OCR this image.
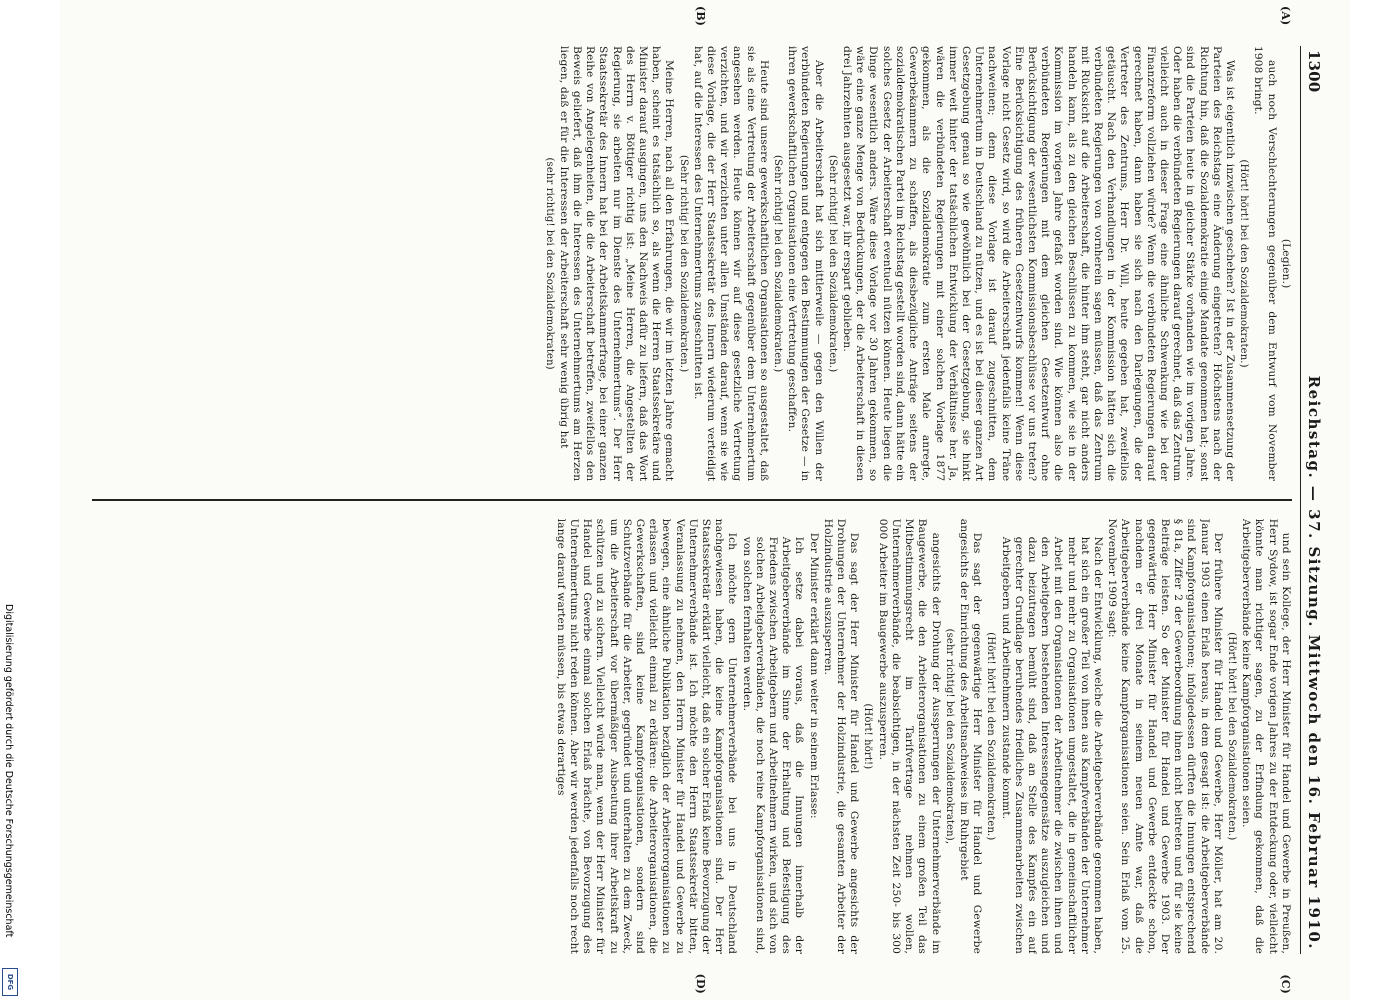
Digitalisierung gefördert durch die Deutsche Forschungsgemeinschaft
DFG
1300
Reichstag. — 37. Sitzung. Mittwoch den 16. Februar 1910.

(Legien.)

auch noch Verschlechterungen gegenüber dem Entwurf vom November 1908 bringt.

(Hört! hört! bei den Sozialdemokraten.)

Was ist eigentlich inzwischen geschehen? Ist in der Zusammensetzung der Parteien des Reichstags eine Änderung eingetreten? Höchstens nach der Richtung hin, daß die Sozialdemokratie einige Mandate genommen hat; sonst sind die Parteien heute in gleicher Stärke vorhanden wie im vorigen Jahre. Oder haben die verbündeten Regierungen darauf gerechnet, daß das Zentrum vielleicht auch in dieser Frage eine ähnliche Schwenkung wie bei der Finanzreform vollziehen würde? Wenn die verbündeten Regierungen darauf gerechnet haben, dann haben sie sich nach den Darlegungen, die der Vertreter des Zentrums, Herr Dr. Will, heute gegeben hat, zweifellos getäuscht. Nach den Verhandlungen in der Kommission hätten sich die verbündeten Regierungen von vornherein sagen müssen, daß das Zentrum mit Rücksicht auf die Arbeiterschaft, die hinter ihm steht, gar nicht anders handeln kann, als zu den gleichen Beschlüssen zu kommen, wie sie in der Kommission im vorigen Jahre gefaßt worden sind. Wie können also die verbündeten Regierungen mit dem gleichen Gesetzentwurf ohne Berücksichtigung der wesentlichsten Kommissionsbeschlüsse vor uns treten? Eine Berücksichtigung des früheren Gesetzentwurfs kommen! Wenn diese Vorlage nicht Gesetz wird, so wird die Arbeiterschaft jedenfalls keine Träne nachweinen; denn diese Vorlage ist darauf zugeschnitten, dem Unternehmertum in Deutschland zu nützen, und es ist bei dieser ganzen Art Gesetzgebung genau so wie gewöhnlich bei der Gesetzgebung, sie hinkt immer weit hinter der tatsächlichen Entwicklung der Verhältnisse her. Ja, wären die verbündeten Regierungen mit einer solchen Vorlage 1877 gekommen, als die Sozialdemokratie zum ersten Male anregte, Gewerbekammern zu schaffen, als diesbezügliche Anträge seitens der sozialdemokratischen Partei im Reichstag gestellt worden sind, dann hätte ein solches Gesetz der Arbeiterschaft eventuell nützen können. Heute liegen die Dinge wesentlich anders. Wäre diese Vorlage vor 30 Jahren gekommen, so wäre eine ganze Menge von Bedrückungen, der die Arbeiterschaft in diesen drei Jahrzehnten ausgesetzt war, ihr erspart geblieben.

(Sehr richtig! bei den Sozialdemokraten.)

Aber die Arbeiterschaft hat sich mittlerweile — gegen den Willen der verbündeten Regierungen und entgegen den Bestimmungen der Gesetze — in ihren gewerkschaftlichen Organisationen eine Vertretung geschaffen.

(Sehr richtig! bei den Sozialdemokraten.)

Heute sind unsere gewerkschaftlichen Organisationen so ausgestaltet, daß sie als eine Vertretung der Arbeiterschaft gegenüber dem Unternehmertum angesehen werden. Heute können wir auf diese gesetzliche Vertretung verzichten, und wir verzichten unter allen Umständen darauf, wenn sie wie diese Vorlage, die der Herr Staatssekretär des Innern wiederum verteidigt hat, auf die Interessen des Unternehmertums zugeschnitten ist.

(Sehr richtig! bei den Sozialdemokraten.)

Meine Herren, nach all den Erfahrungen, die wir im letzten Jahre gemacht haben, scheint es tatsächlich so, als wenn die Herren Staatssekretäre und Minister darauf ausgingen, uns den Nachweis dafür zu liefern, daß das Wort des Herrn v. Böttiger richtig ist: „Meine Herren, die Angestellten der Regierung, sie arbeiten nur im Dienste des Unternehmertums“. Der Herr Staatssekretär des Innern hat bei der Arbeitskammerfrage, bei einer ganzen Reihe von Angelegenheiten, die die Arbeiterschaft betreffen, zweifellos den Beweis geliefert, daß ihm die Interessen des Unternehmertums am Herzen liegen, daß er für die Interessen der Arbeiterschaft sehr wenig übrig hat

(sehr richtig! bei den Sozialdemokraten)

und sein Kollege, der Herr Minister für Handel und Gewerbe in Preußen, Herr Sydow, ist sogar Ende vorigen Jahres zu der Entdeckung oder, vielleicht könnte man richtiger sagen, zu der Erfindung gekommen, daß die Arbeitgeberverbände keine Kampforganisationen seien.

(Hört! hört! bei den Sozialdemokraten.)

Der frühere Minister für Handel und Gewerbe, Herr Möller, hat am 20. Januar 1903 einen Erlaß heraus, in dem gesagt ist: die Arbeitgeberverbände sind Kampforganisationen; infolgedessen dürften die Innungen entsprechend § 81a, Ziffer 2 der Gewerbeordnung ihnen nicht beitreten und für sie keine Beiträge leisten. So der Minister für Handel und Gewerbe 1903. Der gegenwärtige Herr Minister für Handel und Gewerbe entdeckte schon, nachdem er drei Monate in seinem neuen Amte war, daß die Arbeitgeberverbände keine Kampforganisationen seien. Sein Erlaß vom 25. November 1909 sagt:

Nach der Entwicklung, welche die Arbeitgeberverbände genommen haben, hat sich ein großer Teil von ihnen aus Kampfverbänden der Unternehmer mehr und mehr zu Organisationen umgestaltet, die in gemeinschaftlicher Arbeit mit den Organisationen der Arbeitnehmer die zwischen ihnen und den Arbeitgebern bestehenden Interessengegensätze auszugleichen und dazu beizutragen bemüht sind, daß an Stelle des Kampfes ein auf gerechter Grundlage beruhendes friedliches Zusammenarbeiten zwischen Arbeitgebern und Arbeitnehmern zustande kommt.

(Hört! hört! bei den Sozialdemokraten.)

Das sagt der gegenwärtige Herr Minister für Handel und Gewerbe angesichts der Einrichtung des Arbeitsnachweises im Ruhrgebiet

(sehr richtig! bei den Sozialdemokraten),

angesichts der Drohung der Aussperrungen der Unternehmerverbände im Baugewerbe, die den Arbeiterorganisationen zu einem großen Teil das Mitbestimmungsrecht im Tarifvertrage nehmen wollen, Unternehmerverbände, die beabsichtigen, in der nächsten Zeit 250- bis 300 000 Arbeiter im Baugewerbe auszusperren.

(Hört! hört!)

Das sagt der Herr Minister für Handel und Gewerbe angesichts der Drohungen der Unternehmer der Holzindustrie, die gesamten Arbeiter der Holzindustrie auszusperren.

Der Minister erklärt dann weiter in seinem Erlasse:

Ich setze dabei voraus, daß die Innungen innerhalb der Arbeitgeberverbände im Sinne der Erhaltung und Befestigung des Friedens zwischen Arbeitgebern und Arbeitnehmern wirken, und sich von solchen Arbeitgeberverbänden, die noch reine Kampforganisationen sind, von solchen fernhalten werden.

Ich möchte gern Unternehmerverbände bei uns in Deutschland nachgewiesen haben, die keine Kampforganisationen sind. Der Herr Staatssekretär erklärt vielleicht, daß ein solcher Erlaß keine Bevorzugung der Unternehmerverbände ist. Ich möchte den Herrn Staatssekretär bitten, Veranlassung zu nehmen, den Herrn Minister für Handel und Gewerbe zu bewegen, eine ähnliche Publikation bezüglich der Arbeiterorganisationen zu erlassen und vielleicht einmal zu erklären: die Arbeiterorganisationen, die Gewerkschaften, sind keine Kampforganisationen, sondern sind Schutzverbände für die Arbeiter, gegründet und unterhalten zu dem Zweck, um die Arbeiterschaft vor übermäßiger Ausbeutung ihrer Arbeitskraft zu schützen und zu sichern. Vielleicht würde man, wenn der Herr Minister für Handel und Gewerbe einmal solchen Erlaß brächte, von Bevorzugung des Unternehmertums nicht reden können. Aber wir werden jedenfalls noch recht lange darauf warten müssen, bis etwas derartiges

(A)
(B)
(C)
(D)
